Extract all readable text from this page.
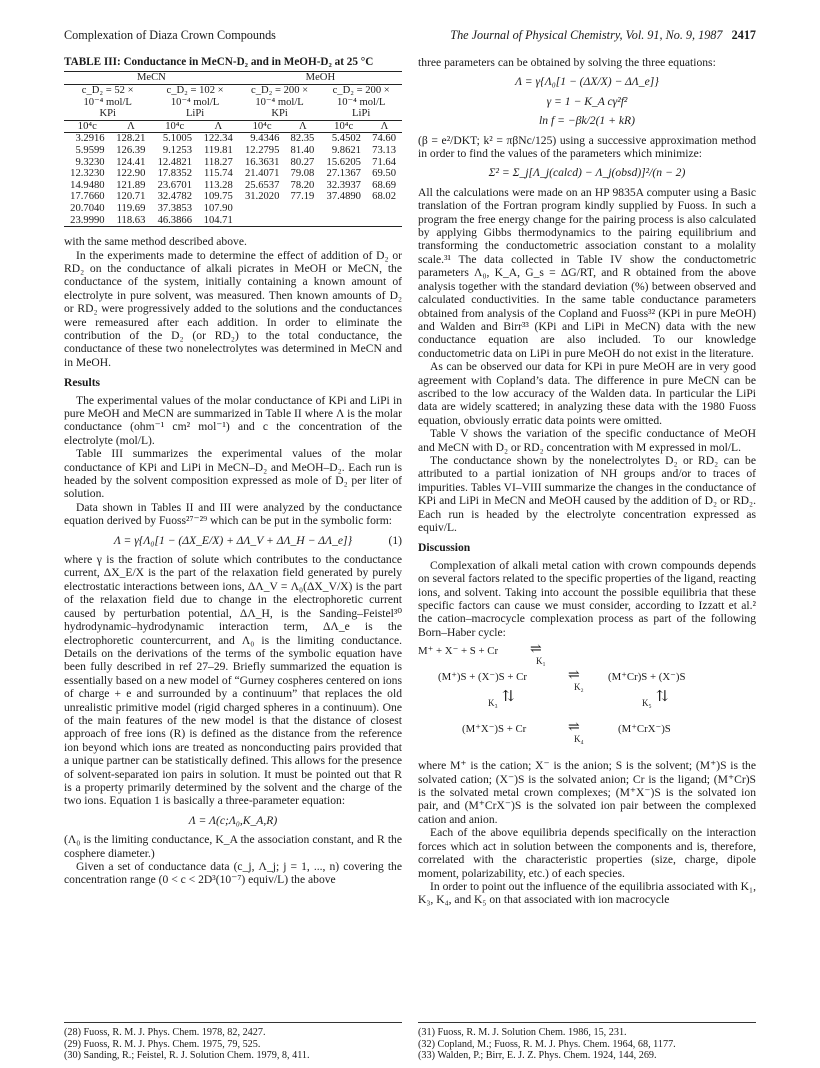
Complexation of Diaza Crown Compounds	The Journal of Physical Chemistry, Vol. 91, No. 9, 1987 2417
TABLE III: Conductance in MeCN-D₂ and in MeOH-D₂ at 25 °C
MeCN				MeOH			
c_D₂ = 52 ×
10⁻⁴ mol/L
KPi		c_D₂ = 102 ×
10⁻⁴ mol/L
LiPi		c_D₂ = 200 ×
10⁻⁴ mol/L
KPi		c_D₂ = 200 ×
10⁻⁴ mol/L
LiPi	
10⁴c	Λ	10⁴c	Λ	10⁴c	Λ	10⁴c	Λ
3.2916	128.21	5.1005	122.34	9.4346	82.35	5.4502	74.60
5.9599	126.39	9.1253	119.81	12.2795	81.40	9.8621	73.13
9.3230	124.41	12.4821	118.27	16.3631	80.27	15.6205	71.64
12.3230	122.90	17.8352	115.74	21.4071	79.08	27.1367	69.50
14.9480	121.89	23.6701	113.28	25.6537	78.20	32.3937	68.69
17.7660	120.71	32.4782	109.75	31.2020	77.19	37.4890	68.02
20.7040	119.69	37.3853	107.90				
23.9990	118.63	46.3866	104.71				

with the same method described above.

In the experiments made to determine the effect of addition of D₂ or RD₂ on the conductance of alkali picrates in MeOH or MeCN, the conductance of the system, initially containing a known amount of electrolyte in pure solvent, was measured. Then known amounts of D₂ or RD₂ were progressively added to the solutions and the conductances were remeasured after each addition. In order to eliminate the contribution of the D₂ (or RD₂) to the total conductance, the conductance of these two nonelectrolytes was determined in MeCN and in MeOH.

Results

The experimental values of the molar conductance of KPi and LiPi in pure MeOH and MeCN are summarized in Table II where Λ is the molar conductance (ohm⁻¹ cm² mol⁻¹) and c the concentration of the electrolyte (mol/L).

Table III summarizes the experimental values of the molar conductance of KPi and LiPi in MeCN–D₂ and MeOH–D₂. Each run is headed by the solvent composition expressed as mole of D₂ per liter of solution.

Data shown in Tables II and III were analyzed by the conductance equation derived by Fuoss²⁷⁻²⁹ which can be put in the symbolic form:

Λ = γ{Λ₀[1 − (ΔX_E/X) + ΔΛ_V + ΔΛ_H − ΔΛ_e]}	(1)

where γ is the fraction of solute which contributes to the conductance current, ΔX_E/X is the part of the relaxation field generated by purely electrostatic interactions between ions, ΔΛ_V = Λ₀(ΔX_V/X) is the part of the relaxation field due to change in the electrophoretic current caused by perturbation potential, ΔΛ_H, is the Sanding–Feistel³⁰ hydrodynamic–hydrodynamic interaction term, ΔΛ_e is the electrophoretic countercurrent, and Λ₀ is the limiting conductance. Details on the derivations of the terms of the symbolic equation have been fully described in ref 27–29. Briefly summarized the equation is essentially based on a new model of “Gurney cospheres centered on ions of charge + e and surrounded by a continuum” that replaces the old unrealistic primitive model (rigid charged spheres in a continuum). One of the main features of the new model is that the distance of closest approach of free ions (R) is defined as the distance from the reference ion beyond which ions are treated as nonconducting pairs provided that a unique partner can be statistically defined. This allows for the presence of solvent-separated ion pairs in solution. It must be pointed out that R is a property primarily determined by the solvent and the charge of the two ions. Equation 1 is basically a three-parameter equation:

Λ = Λ(c;Λ₀,K_A,R)

(Λ₀ is the limiting conductance, K_A the association constant, and R the cosphere diameter.)

Given a set of conductance data (c_j, Λ_j; j = 1, ..., n) covering the concentration range (0 < c < 2D³(10⁻⁷) equiv/L) the above

three parameters can be obtained by solving the three equations:

Λ = γ{Λ₀[1 − (ΔX/X) − ΔΛ_e]}
γ = 1 − K_A cγ²f²
ln f = −βk/2(1 + kR)

(β = e²/DKT; k² = πβNc/125) using a successive approximation method in order to find the values of the parameters which minimize:

Σ² = Σ_j[Λ_j(calcd) − Λ_j(obsd)]²/(n − 2)

All the calculations were made on an HP 9835A computer using a Basic translation of the Fortran program kindly supplied by Fuoss. In such a program the free energy change for the pairing process is also calculated by applying Gibbs thermodynamics to the pairing equilibrium and transforming the conductometric association constant to a molality scale.³¹ The data collected in Table IV show the conductometric parameters Λ₀, K_A, G_s = ΔG/RT, and R obtained from the above analysis together with the standard deviation (%) between observed and calculated conductivities. In the same table conductance parameters obtained from analysis of the Copland and Fuoss³² (KPi in pure MeOH) and Walden and Birr³³ (KPi and LiPi in MeCN) data with the new conductance equation are also included. To our knowledge conductometric data on LiPi in pure MeOH do not exist in the literature.

As can be observed our data for KPi in pure MeOH are in very good agreement with Copland’s data. The difference in pure MeCN can be ascribed to the low accuracy of the Walden data. In particular the LiPi data are widely scattered; in analyzing these data with the 1980 Fuoss equation, obviously erratic data points were omitted.

Table V shows the variation of the specific conductance of MeOH and MeCN with D₂ or RD₂ concentration with M expressed in mol/L.

The conductance shown by the nonelectrolytes D₂ or RD₂ can be attributed to a partial ionization of NH groups and/or to traces of impurities. Tables VI–VIII summarize the changes in the conductance of KPi and LiPi in MeCN and MeOH caused by the addition of D₂ or RD₂. Each run is headed by the electrolyte concentration expressed as equiv/L.

Discussion

Complexation of alkali metal cation with crown compounds depends on several factors related to the specific properties of the ligand, reacting ions, and solvent. Taking into account the possible equilibria that these specific factors can cause we must consider, according to Izzatt et al.² the cation–macrocycle complexation process as part of the following Born–Haber cycle:

M⁺ + X⁻ + S + Cr ⇌
K₁
(M⁺)S + (X⁻)S + Cr	⇌
K₂
(M⁺Cr)S + (X⁻)S
K₃ ⇅	K₅ ⇅
(M⁺X⁻)S + Cr	⇌
K₄
(M⁺CrX⁻)S

where M⁺ is the cation; X⁻ is the anion; S is the solvent; (M⁺)S is the solvated cation; (X⁻)S is the solvated anion; Cr is the ligand; (M⁺Cr)S is the solvated metal crown complexes; (M⁺X⁻)S is the solvated ion pair, and (M⁺CrX⁻)S is the solvated ion pair between the complexed cation and anion.

Each of the above equilibria depends specifically on the interaction forces which act in solution between the components and is, therefore, correlated with the characteristic properties (size, charge, dipole moment, polarizability, etc.) of each species.

In order to point out the influence of the equilibria associated with K₁, K₃, K₄, and K₅ on that associated with ion macrocycle

(28) Fuoss, R. M. J. Phys. Chem. 1978, 82, 2427.
(29) Fuoss, R. M. J. Phys. Chem. 1975, 79, 525.
(30) Sanding, R.; Feistel, R. J. Solution Chem. 1979, 8, 411.
(31) Fuoss, R. M. J. Solution Chem. 1986, 15, 231.
(32) Copland, M.; Fuoss, R. M. J. Phys. Chem. 1964, 68, 1177.
(33) Walden, P.; Birr, E. J. Z. Phys. Chem. 1924, 144, 269.
